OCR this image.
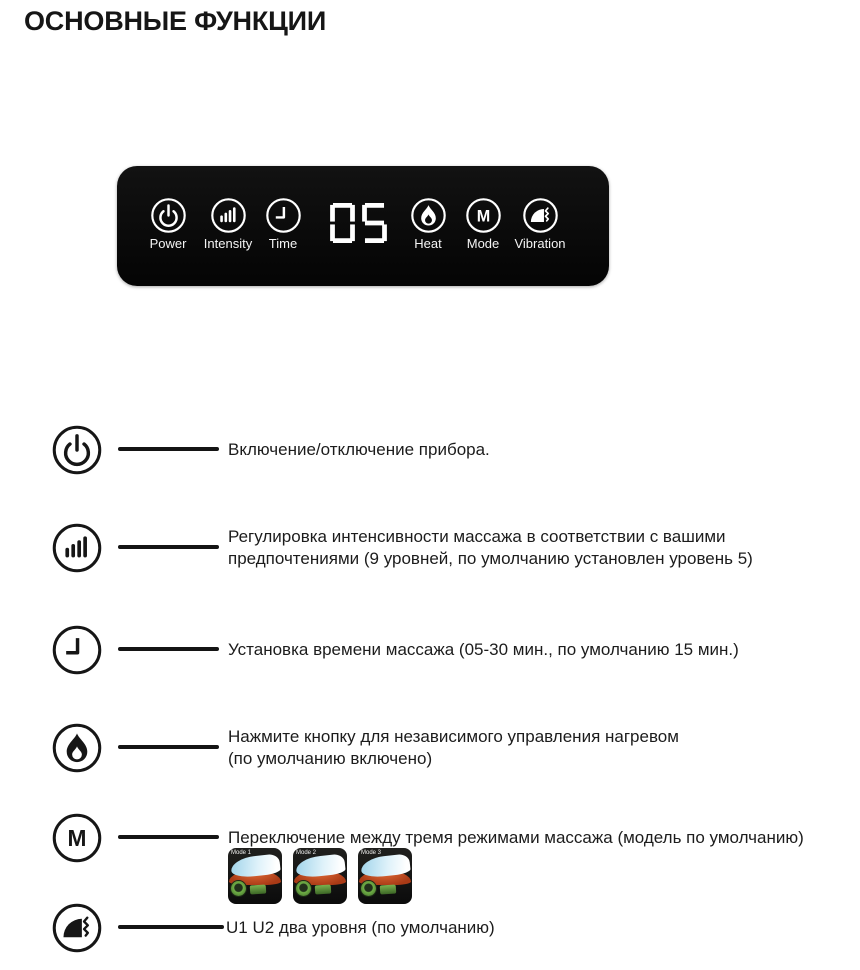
ОСНОВНЫЕ ФУНКЦИИ
Power Intensity Time	Heat
M
Mode Vibration
Включение/отключение прибора.
Регулировка интенсивности массажа в соответствии с вашими предпочтениями (9 уровней, по умолчанию установлен уровень 5)
Установка времени массажа (05-30 мин., по умолчанию 15 мин.)
Нажмите кнопку для независимого управления нагревом (по умолчанию включено)
M	Переключение между тремя режимами массажа (модель по умолчанию)
Mode 1	Mode 2	Mode 3
U1 U2 два уровня (по умолчанию)
